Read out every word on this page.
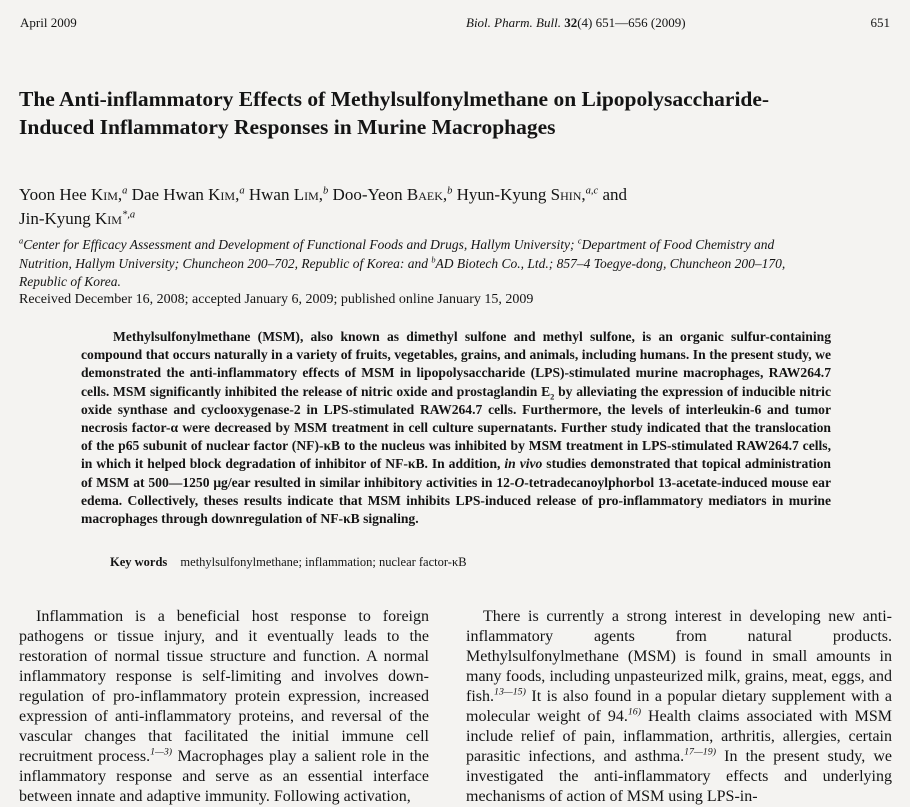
April 2009	Biol. Pharm. Bull. 32(4) 651—656 (2009)	651
The Anti-inflammatory Effects of Methylsulfonylmethane on Lipopolysaccharide-Induced Inflammatory Responses in Murine Macrophages
Yoon Hee Kim,$^a$ Dae Hwan Kim,$^a$ Hwan Lim,$^b$ Doo-Yeon Baek,$^b$ Hyun-Kyung Shin,$^{a,c}$ and
Jin-Kyung Kim$^{*,a}$
$^a$Center for Efficacy Assessment and Development of Functional Foods and Drugs, Hallym University; $^c$Department of Food Chemistry and Nutrition, Hallym University; Chuncheon 200–702, Republic of Korea: and $^b$AD Biotech Co., Ltd.; 857–4 Toegye-dong, Chuncheon 200–170, Republic of Korea.
Received December 16, 2008; accepted January 6, 2009; published online January 15, 2009
Methylsulfonylmethane (MSM), also known as dimethyl sulfone and methyl sulfone, is an organic sulfur-containing compound that occurs naturally in a variety of fruits, vegetables, grains, and animals, including humans. In the present study, we demonstrated the anti-inflammatory effects of MSM in lipopolysaccharide (LPS)-stimulated murine macrophages, RAW264.7 cells. MSM significantly inhibited the release of nitric oxide and prostaglandin $E_2$ by alleviating the expression of inducible nitric oxide synthase and cyclooxygenase-2 in LPS-stimulated RAW264.7 cells. Furthermore, the levels of interleukin-6 and tumor necrosis factor-α were decreased by MSM treatment in cell culture supernatants. Further study indicated that the translocation of the p65 subunit of nuclear factor (NF)-κB to the nucleus was inhibited by MSM treatment in LPS-stimulated RAW264.7 cells, in which it helped block degradation of inhibitor of NF-κB. In addition, in vivo studies demonstrated that topical administration of MSM at 500—1250 μg/ear resulted in similar inhibitory activities in 12-O-tetradecanoylphorbol 13-acetate-induced mouse ear edema. Collectively, theses results indicate that MSM inhibits LPS-induced release of pro-inflammatory mediators in murine macrophages through downregulation of NF-κB signaling.
Key words methylsulfonylmethane; inflammation; nuclear factor-κB

Inflammation is a beneficial host response to foreign pathogens or tissue injury, and it eventually leads to the restoration of normal tissue structure and function. A normal inflammatory response is self-limiting and involves down-regulation of pro-inflammatory protein expression, increased expression of anti-inflammatory proteins, and reversal of the vascular changes that facilitated the initial immune cell recruitment process.$^{1—3)}$ Macrophages play a salient role in the inflammatory response and serve as an essential interface between innate and adaptive immunity. Following activation,

There is currently a strong interest in developing new anti-inflammatory agents from natural products. Methylsulfonylmethane (MSM) is found in small amounts in many foods, including unpasteurized milk, grains, meat, eggs, and fish.$^{13—15)}$ It is also found in a popular dietary supplement with a molecular weight of 94.$^{16)}$ Health claims associated with MSM include relief of pain, inflammation, arthritis, allergies, certain parasitic infections, and asthma.$^{17—19)}$ In the present study, we investigated the anti-inflammatory effects and underlying mechanisms of action of MSM using LPS-in-
